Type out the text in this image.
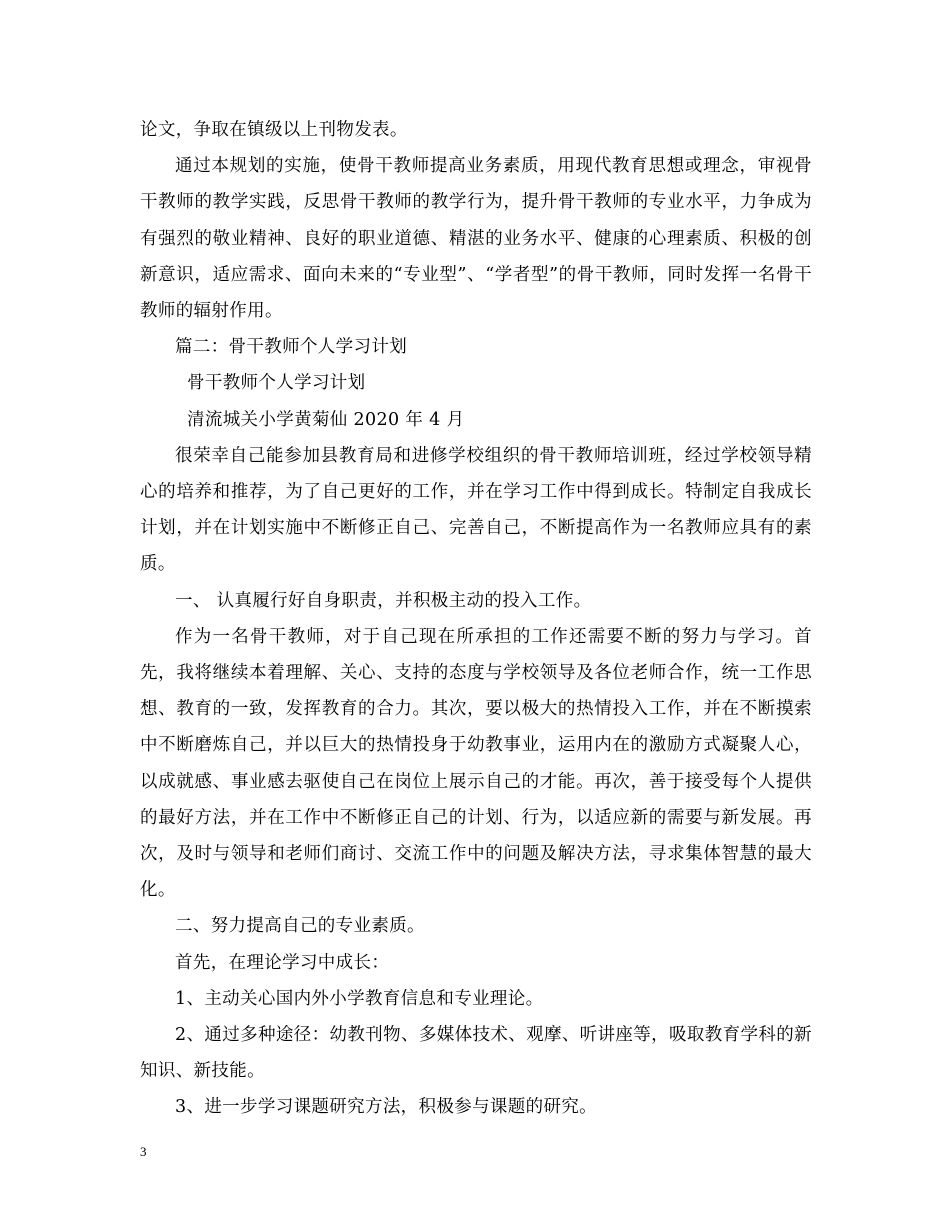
论文，争取在镇级以上刊物发表。

通过本规划的实施，使骨干教师提高业务素质，用现代教育思想或理念，审视骨干教师的教学实践，反思骨干教师的教学行为，提升骨干教师的专业水平，力争成为有强烈的敬业精神、良好的职业道德、精湛的业务水平、健康的心理素质、积极的创新意识，适应需求、面向未来的“专业型”、“学者型”的骨干教师，同时发挥一名骨干教师的辐射作用。

篇二：骨干教师个人学习计划

骨干教师个人学习计划

清流城关小学黄菊仙 2020 年 4 月

很荣幸自己能参加县教育局和进修学校组织的骨干教师培训班，经过学校领导精心的培养和推荐，为了自己更好的工作，并在学习工作中得到成长。特制定自我成长计划，并在计划实施中不断修正自己、完善自己，不断提高作为一名教师应具有的素质。

一、 认真履行好自身职责，并积极主动的投入工作。

作为一名骨干教师，对于自己现在所承担的工作还需要不断的努力与学习。首先，我将继续本着理解、关心、支持的态度与学校领导及各位老师合作，统一工作思想、教育的一致，发挥教育的合力。其次，要以极大的热情投入工作，并在不断摸索中不断磨炼自己，并以巨大的热情投身于幼教事业，运用内在的激励方式凝聚人心，以成就感、事业感去驱使自己在岗位上展示自己的才能。再次，善于接受每个人提供的最好方法，并在工作中不断修正自己的计划、行为，以适应新的需要与新发展。再次，及时与领导和老师们商讨、交流工作中的问题及解决方法，寻求集体智慧的最大化。

二、努力提高自己的专业素质。

首先，在理论学习中成长：

1、主动关心国内外小学教育信息和专业理论。

2、通过多种途径：幼教刊物、多媒体技术、观摩、听讲座等，吸取教育学科的新知识、新技能。

3、进一步学习课题研究方法，积极参与课题的研究。

3
